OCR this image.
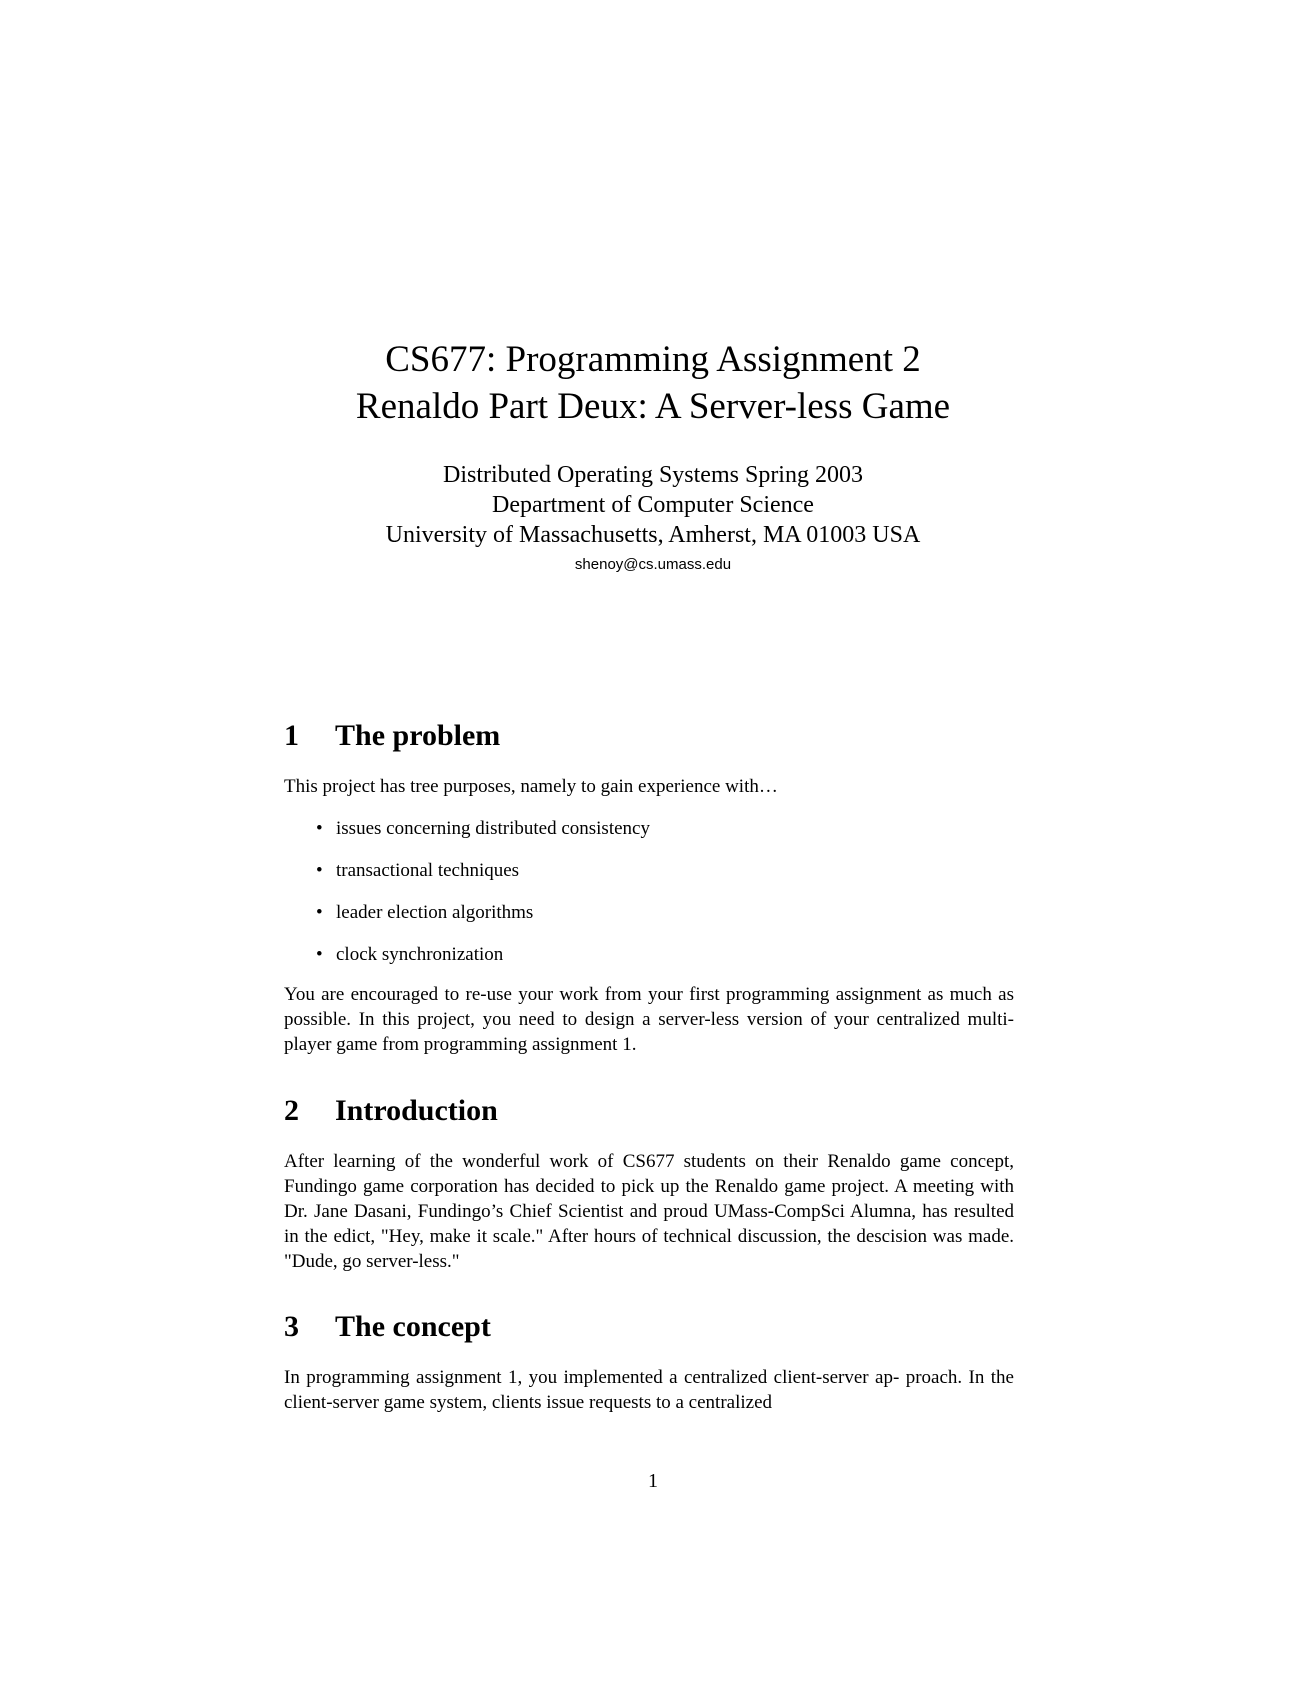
CS677: Programming Assignment 2
Renaldo Part Deux: A Server-less Game

Distributed Operating Systems Spring 2003

Department of Computer Science

University of Massachusetts, Amherst, MA 01003 USA

shenoy@cs.umass.edu

1 The problem

This project has tree purposes, namely to gain experience with…

• issues concerning distributed consistency
• transactional techniques
• leader election algorithms
• clock synchronization

You are encouraged to re-use your work from your first programming assignment as much as possible. In this project, you need to design a server-less version of your centralized multi-player game from programming assignment 1.

2 Introduction

After learning of the wonderful work of CS677 students on their Renaldo game concept, Fundingo game corporation has decided to pick up the Renaldo game project. A meeting with Dr. Jane Dasani, Fundingo’s Chief Scientist and proud UMass-CompSci Alumna, has resulted in the edict, "Hey, make it scale." After hours of technical discussion, the descision was made. "Dude, go server-less."

3 The concept

In programming assignment 1, you implemented a centralized client-server ap- proach. In the client-server game system, clients issue requests to a centralized

1
